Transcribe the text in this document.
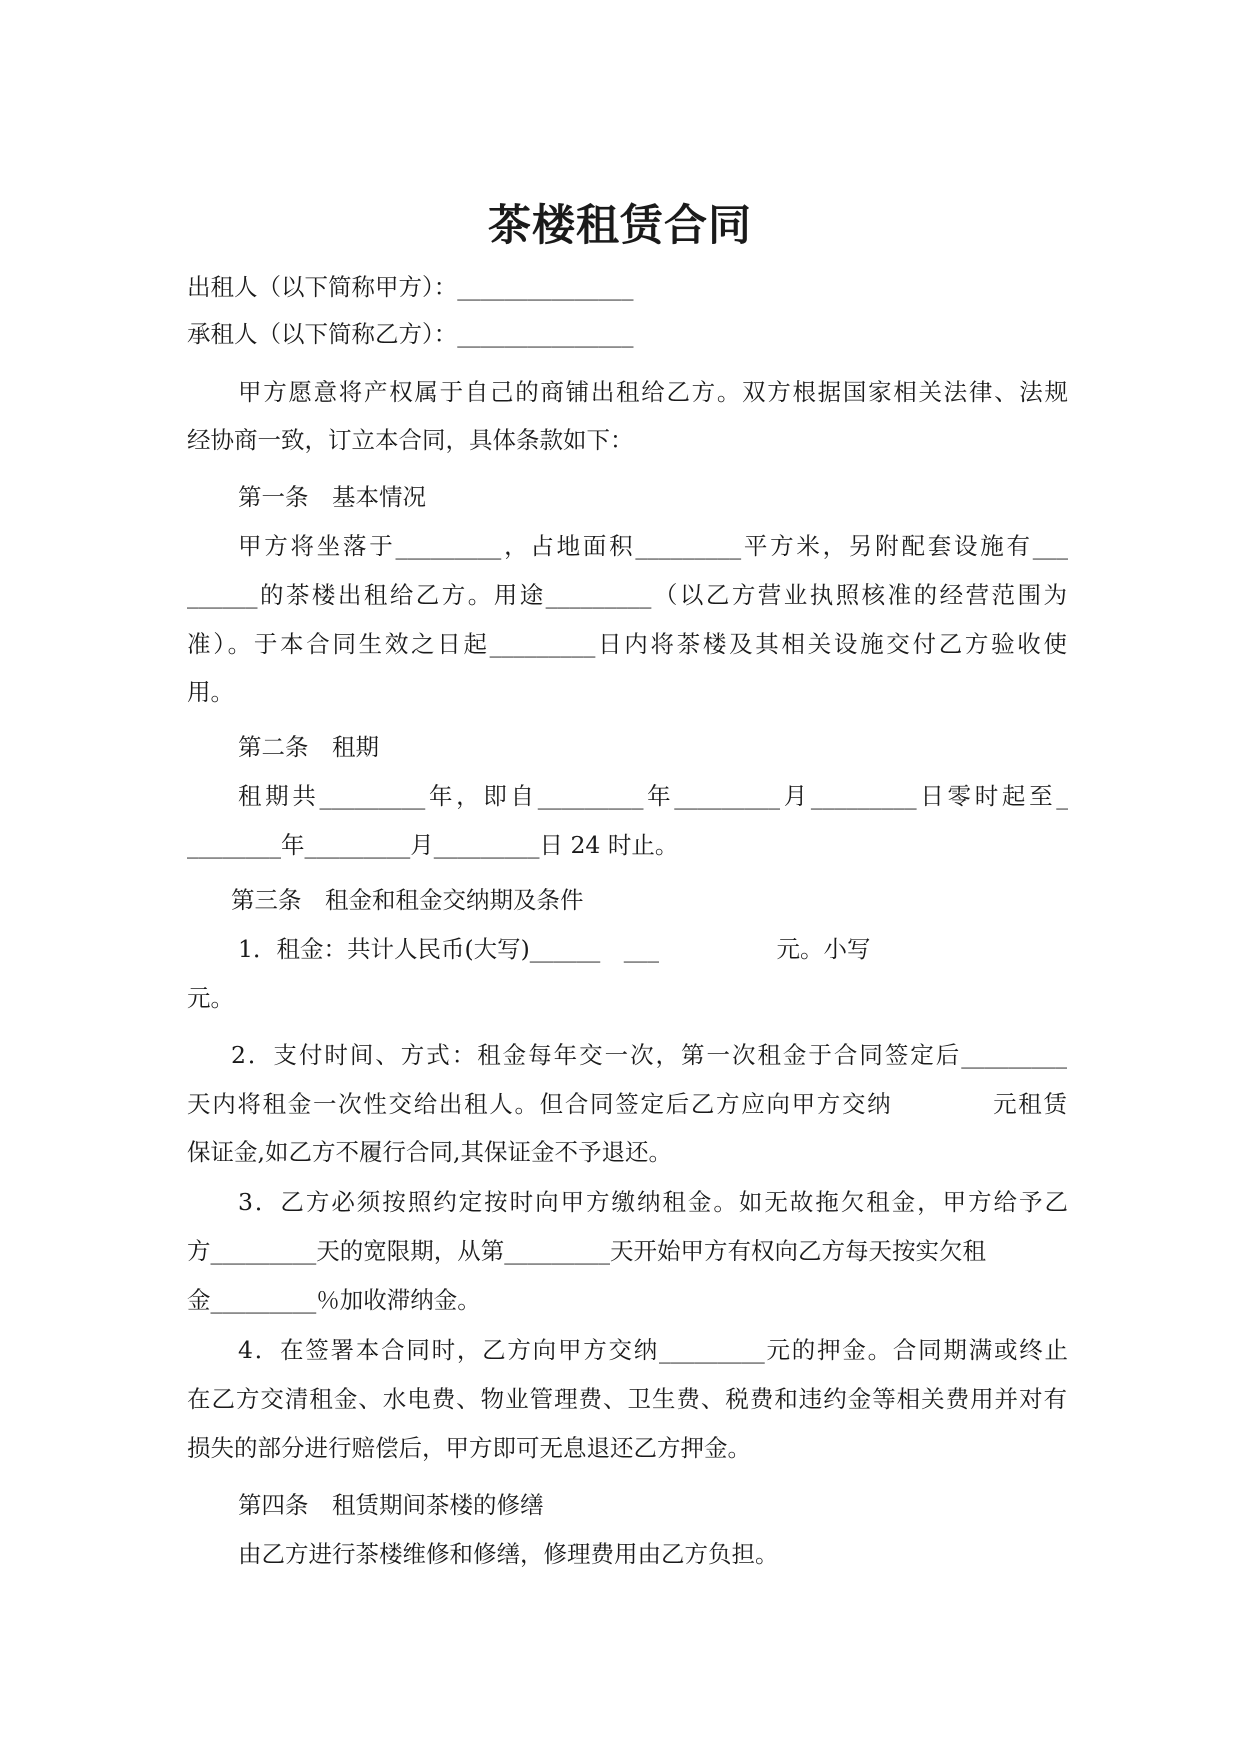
茶楼租赁合同

出租人（以下简称甲方）：_______________

承租人（以下简称乙方）：_______________

甲方愿意将产权属于自己的商铺出租给乙方。双方根据国家相关法律、法规

经协商一致，订立本合同，具体条款如下：

第一条　基本情况

甲方将坐落于_________，占地面积_________平方米，另附配套设施有___

______的茶楼出租给乙方。用途_________（以乙方营业执照核准的经营范围为

准）。于本合同生效之日起_________日内将茶楼及其相关设施交付乙方验收使

用。

第二条　租期

租期共_________年，即自_________年_________月_________日零时起至_

________年_________月_________日 24 时止。

第三条　租金和租金交纳期及条件

1．租金：共计人民币(大写)______　___　　　　　元。小写

元。

2．支付时间、方式：租金每年交一次，第一次租金于合同签定后_________

天内将租金一次性交给出租人。但合同签定后乙方应向甲方交纳　　　　元租赁

保证金,如乙方不履行合同,其保证金不予退还。

3．乙方必须按照约定按时向甲方缴纳租金。如无故拖欠租金，甲方给予乙

方_________天的宽限期，从第_________天开始甲方有权向乙方每天按实欠租

金_________％加收滞纳金。

4．在签署本合同时，乙方向甲方交纳_________元的押金。合同期满或终止

在乙方交清租金、水电费、物业管理费、卫生费、税费和违约金等相关费用并对有

损失的部分进行赔偿后，甲方即可无息退还乙方押金。

第四条　租赁期间茶楼的修缮

由乙方进行茶楼维修和修缮，修理费用由乙方负担。
